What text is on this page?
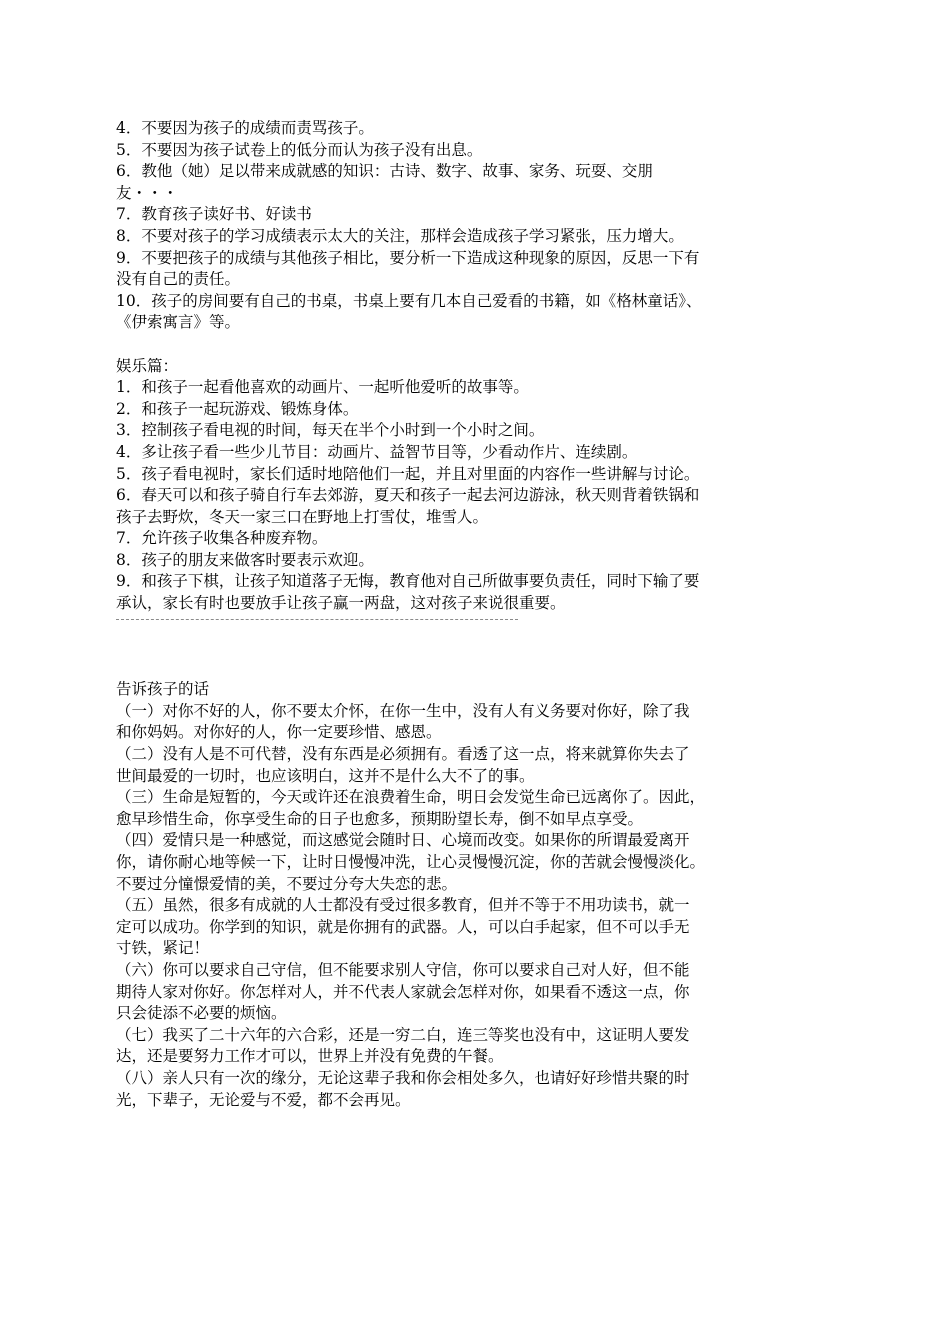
4．不要因为孩子的成绩而责骂孩子。
5．不要因为孩子试卷上的低分而认为孩子没有出息。
6．教他（她）足以带来成就感的知识：古诗、数字、故事、家务、玩耍、交朋
友・・・
7．教育孩子读好书、好读书
8．不要对孩子的学习成绩表示太大的关注，那样会造成孩子学习紧张，压力增大。
9．不要把孩子的成绩与其他孩子相比，要分析一下造成这种现象的原因，反思一下有
没有自己的责任。
10．孩子的房间要有自己的书桌，书桌上要有几本自己爱看的书籍，如《格林童话》、
《伊索寓言》等。
娱乐篇：
1．和孩子一起看他喜欢的动画片、一起听他爱听的故事等。
2．和孩子一起玩游戏、锻炼身体。
3．控制孩子看电视的时间，每天在半个小时到一个小时之间。
4．多让孩子看一些少儿节目：动画片、益智节目等，少看动作片、连续剧。
5．孩子看电视时，家长们适时地陪他们一起，并且对里面的内容作一些讲解与讨论。
6．春天可以和孩子骑自行车去郊游，夏天和孩子一起去河边游泳，秋天则背着铁锅和
孩子去野炊，冬天一家三口在野地上打雪仗，堆雪人。
7．允许孩子收集各种废弃物。
8．孩子的朋友来做客时要表示欢迎。
9．和孩子下棋，让孩子知道落子无悔，教育他对自己所做事要负责任，同时下输了要
承认，家长有时也要放手让孩子赢一两盘，这对孩子来说很重要。
告诉孩子的话
（一）对你不好的人，你不要太介怀，在你一生中，没有人有义务要对你好，除了我
和你妈妈。对你好的人，你一定要珍惜、感恩。
（二）没有人是不可代替，没有东西是必须拥有。看透了这一点，将来就算你失去了
世间最爱的一切时，也应该明白，这并不是什么大不了的事。
（三）生命是短暂的，今天或许还在浪费着生命，明日会发觉生命已远离你了。因此，
愈早珍惜生命，你享受生命的日子也愈多，预期盼望长寿，倒不如早点享受。
（四）爱情只是一种感觉，而这感觉会随时日、心境而改变。如果你的所谓最爱离开
你，请你耐心地等候一下，让时日慢慢冲洗，让心灵慢慢沉淀，你的苦就会慢慢淡化。
不要过分憧憬爱情的美，不要过分夸大失恋的悲。
（五）虽然，很多有成就的人士都没有受过很多教育，但并不等于不用功读书，就一
定可以成功。你学到的知识，就是你拥有的武器。人，可以白手起家，但不可以手无
寸铁，紧记！
（六）你可以要求自己守信，但不能要求别人守信，你可以要求自己对人好，但不能
期待人家对你好。你怎样对人，并不代表人家就会怎样对你，如果看不透这一点，你
只会徒添不必要的烦恼。
（七）我买了二十六年的六合彩，还是一穷二白，连三等奖也没有中，这证明人要发
达，还是要努力工作才可以，世界上并没有免费的午餐。
（八）亲人只有一次的缘分，无论这辈子我和你会相处多久，也请好好珍惜共聚的时
光，下辈子，无论爱与不爱，都不会再见。
